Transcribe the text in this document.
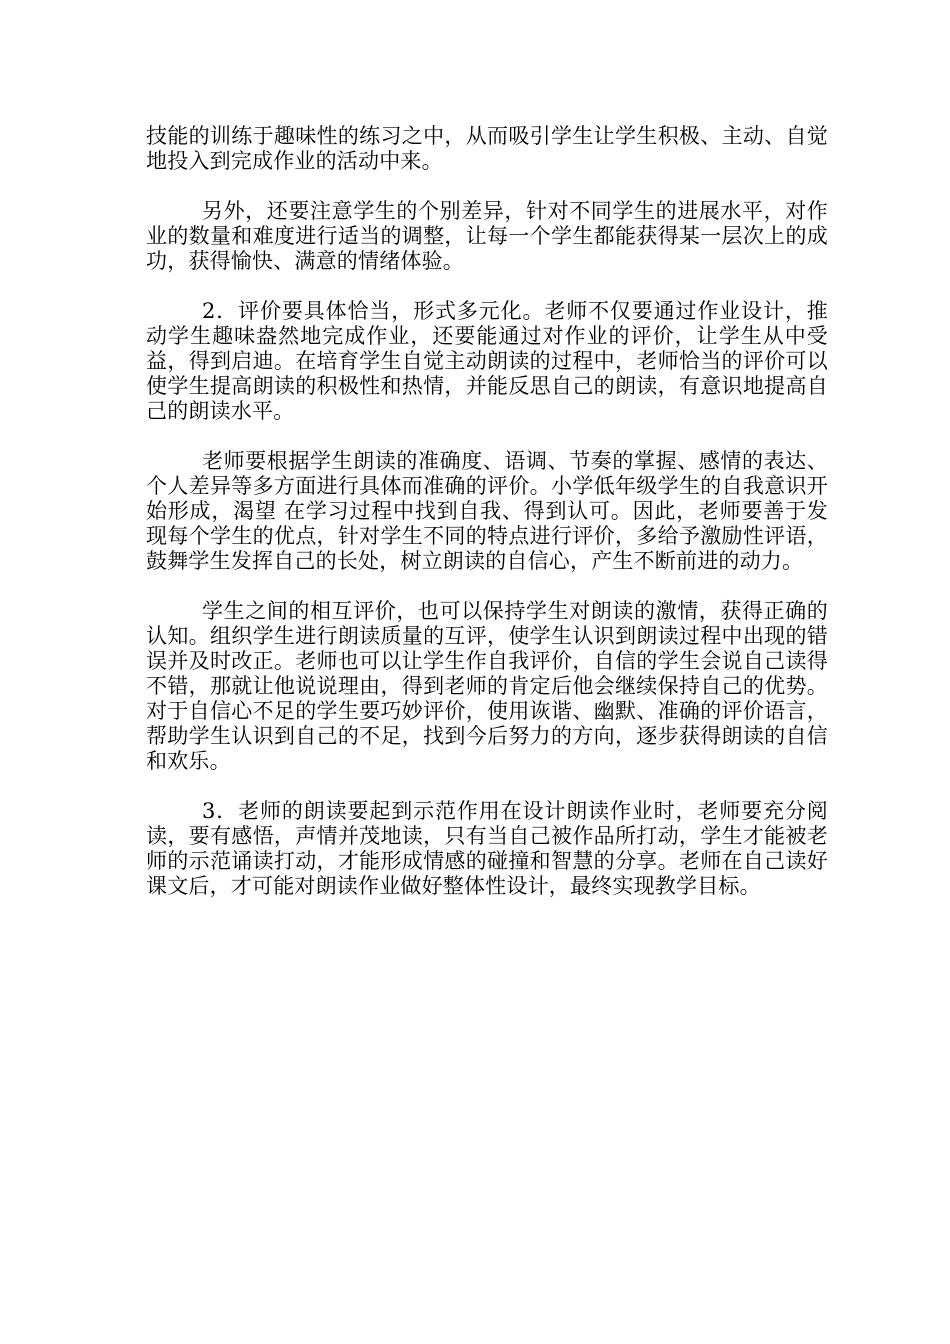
技能的训练于趣味性的练习之中，从而吸引学生让学生积极、主动、自觉地投入到完成作业的活动中来。

另外，还要注意学生的个别差异，针对不同学生的进展水平，对作业的数量和难度进行适当的调整，让每一个学生都能获得某一层次上的成功，获得愉快、满意的情绪体验。

2．评价要具体恰当，形式多元化。老师不仅要通过作业设计，推动学生趣味盎然地完成作业，还要能通过对作业的评价，让学生从中受益，得到启迪。在培育学生自觉主动朗读的过程中，老师恰当的评价可以使学生提高朗读的积极性和热情，并能反思自己的朗读，有意识地提高自己的朗读水平。

老师要根据学生朗读的准确度、语调、节奏的掌握、感情的表达、个人差异等多方面进行具体而准确的评价。小学低年级学生的自我意识开始形成，渴望 在学习过程中找到自我、得到认可。因此，老师要善于发现每个学生的优点，针对学生不同的特点进行评价，多给予激励性评语，鼓舞学生发挥自己的长处，树立朗读的自信心，产生不断前进的动力。

学生之间的相互评价，也可以保持学生对朗读的激情，获得正确的认知。组织学生进行朗读质量的互评，使学生认识到朗读过程中出现的错误并及时改正。老师也可以让学生作自我评价，自信的学生会说自己读得不错，那就让他说说理由，得到老师的肯定后他会继续保持自己的优势。对于自信心不足的学生要巧妙评价，使用诙谐、幽默、准确的评价语言，帮助学生认识到自己的不足，找到今后努力的方向，逐步获得朗读的自信和欢乐。

3．老师的朗读要起到示范作用在设计朗读作业时，老师要充分阅读，要有感悟，声情并茂地读，只有当自己被作品所打动，学生才能被老师的示范诵读打动，才能形成情感的碰撞和智慧的分享。老师在自己读好课文后，才可能对朗读作业做好整体性设计，最终实现教学目标。
